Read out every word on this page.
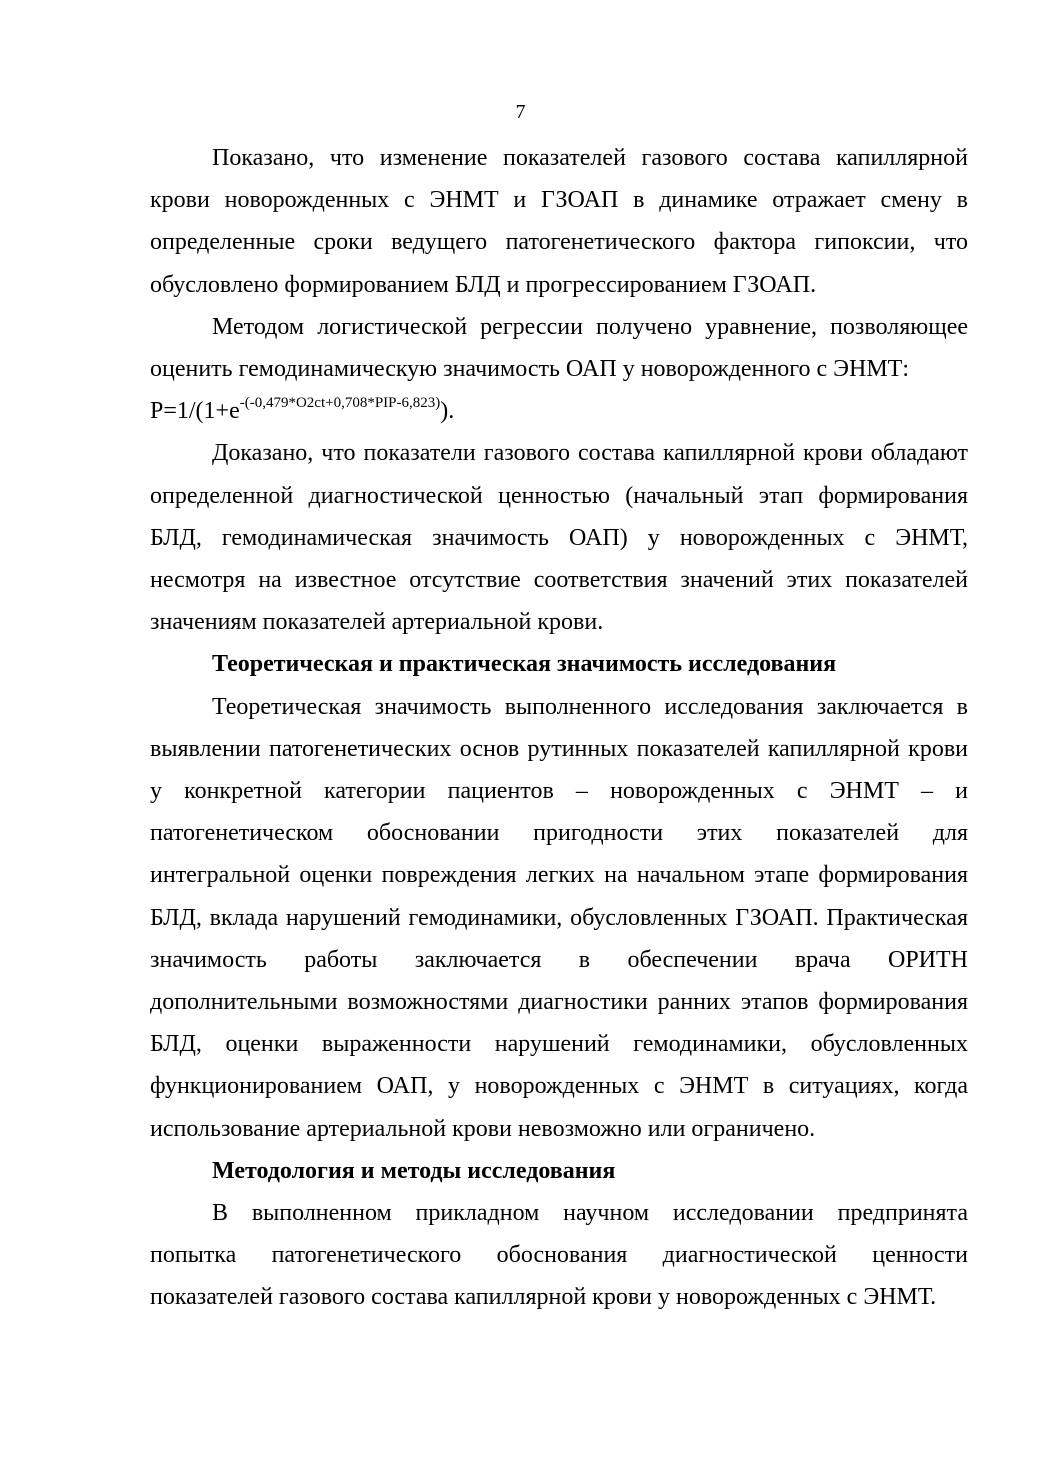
7

Показано, что изменение показателей газового состава капиллярной крови новорожденных с ЭНМТ и ГЗОАП в динамике отражает смену в определенные сроки ведущего патогенетического фактора гипоксии, что обусловлено формированием БЛД и прогрессированием ГЗОАП.

Методом логистической регрессии получено уравнение, позволяющее оценить гемодинамическую значимость ОАП у новорожденного с ЭНМТ:

$P=1/(1+e^{-(-0,479*O2ct+0,708*PIP-6,823)})$.

Доказано, что показатели газового состава капиллярной крови обладают определенной диагностической ценностью (начальный этап формирования БЛД, гемодинамическая значимость ОАП) у новорожденных с ЭНМТ, несмотря на известное отсутствие соответствия значений этих показателей значениям показателей артериальной крови.

Теоретическая и практическая значимость исследования

Теоретическая значимость выполненного исследования заключается в выявлении патогенетических основ рутинных показателей капиллярной крови у конкретной категории пациентов – новорожденных с ЭНМТ – и патогенетическом обосновании пригодности этих показателей для интегральной оценки повреждения легких на начальном этапе формирования БЛД, вклада нарушений гемодинамики, обусловленных ГЗОАП. Практическая значимость работы заключается в обеспечении врача ОРИТН дополнительными возможностями диагностики ранних этапов формирования БЛД, оценки выраженности нарушений гемодинамики, обусловленных функционированием ОАП, у новорожденных с ЭНМТ в ситуациях, когда использование артериальной крови невозможно или ограничено.

Методология и методы исследования

В выполненном прикладном научном исследовании предпринята попытка патогенетического обоснования диагностической ценности показателей газового состава капиллярной крови у новорожденных с ЭНМТ.
